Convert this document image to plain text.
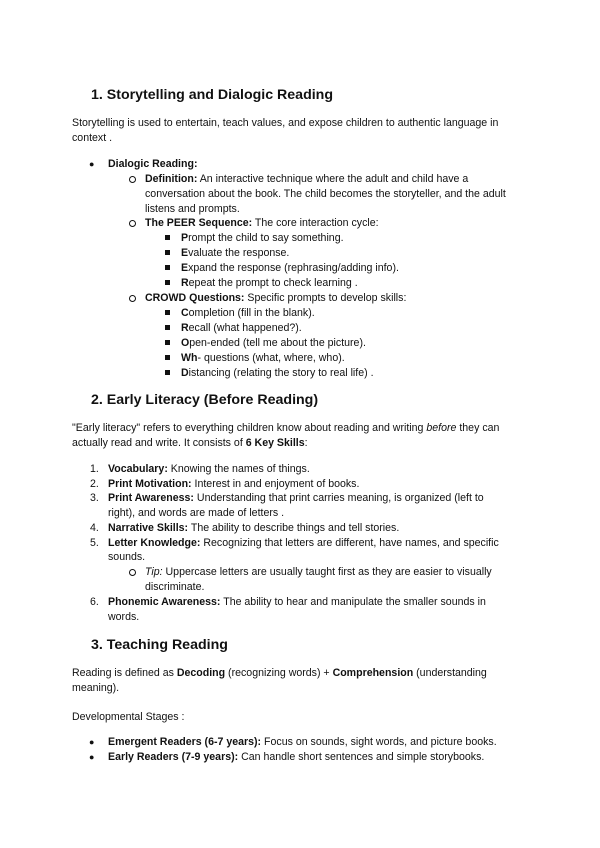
1. Storytelling and Dialogic Reading
Storytelling is used to entertain, teach values, and expose children to authentic language in
context .
● Dialogic Reading:
Definition: An interactive technique where the adult and child have a
conversation about the book. The child becomes the storyteller, and the adult
listens and prompts.
The PEER Sequence: The core interaction cycle:
Prompt the child to say something.
Evaluate the response.
Expand the response (rephrasing/adding info).
Repeat the prompt to check learning .
CROWD Questions: Specific prompts to develop skills:
Completion (fill in the blank).
Recall (what happened?).
Open-ended (tell me about the picture).
Wh- questions (what, where, who).
Distancing (relating the story to real life) .
2. Early Literacy (Before Reading)
"Early literacy" refers to everything children know about reading and writing before they can
actually read and write. It consists of 6 Key Skills:
1. Vocabulary: Knowing the names of things.
2. Print Motivation: Interest in and enjoyment of books.
3. Print Awareness: Understanding that print carries meaning, is organized (left to
right), and words are made of letters .
4. Narrative Skills: The ability to describe things and tell stories.
5. Letter Knowledge: Recognizing that letters are different, have names, and specific
sounds.
Tip: Uppercase letters are usually taught first as they are easier to visually
discriminate.
6. Phonemic Awareness: The ability to hear and manipulate the smaller sounds in
words.
3. Teaching Reading
Reading is defined as Decoding (recognizing words) + Comprehension (understanding
meaning).
Developmental Stages :
● Emergent Readers (6-7 years): Focus on sounds, sight words, and picture books.
● Early Readers (7-9 years): Can handle short sentences and simple storybooks.
